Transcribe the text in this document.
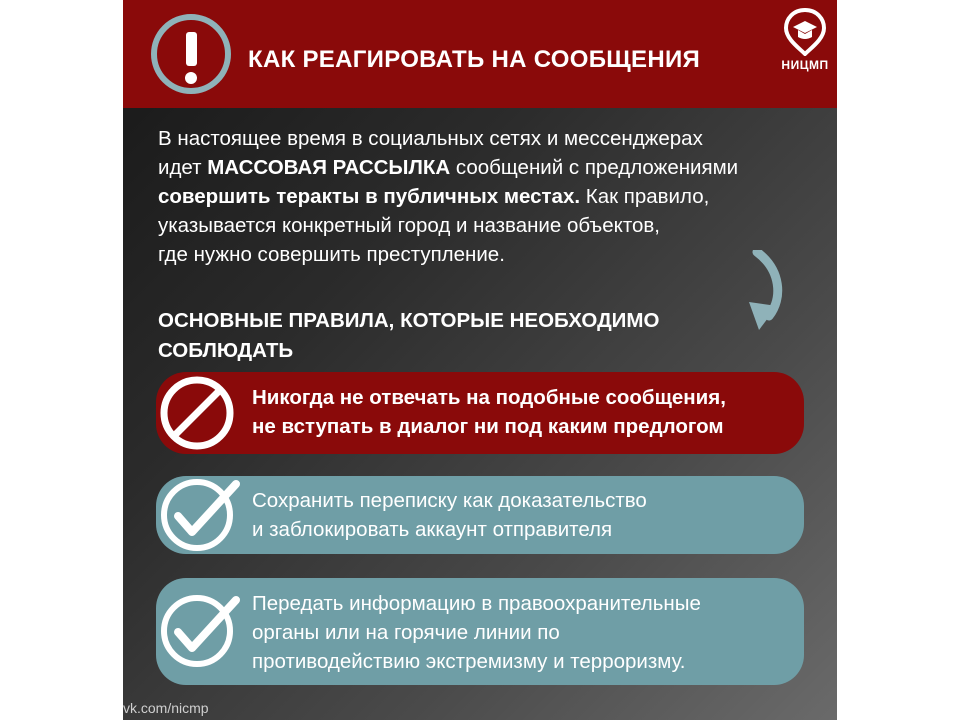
КАК РЕАГИРОВАТЬ НА СООБЩЕНИЯ	НИЦМП
В настоящее время в социальных сетях и мессенджерах
идет МАССОВАЯ РАССЫЛКА сообщений с предложениями
совершить теракты в публичных местах. Как правило,
указывается конкретный город и название объектов,
где нужно совершить преступление.
ОСНОВНЫЕ ПРАВИЛА, КОТОРЫЕ НЕОБХОДИМО
СОБЛЮДАТЬ
Никогда не отвечать на подобные сообщения,
не вступать в диалог ни под каким предлогом
Сохранить переписку как доказательство
и заблокировать аккаунт отправителя
Передать информацию в правоохранительные
органы или на горячие линии по
противодействию экстремизму и терроризму.
vk.com/nicmp
